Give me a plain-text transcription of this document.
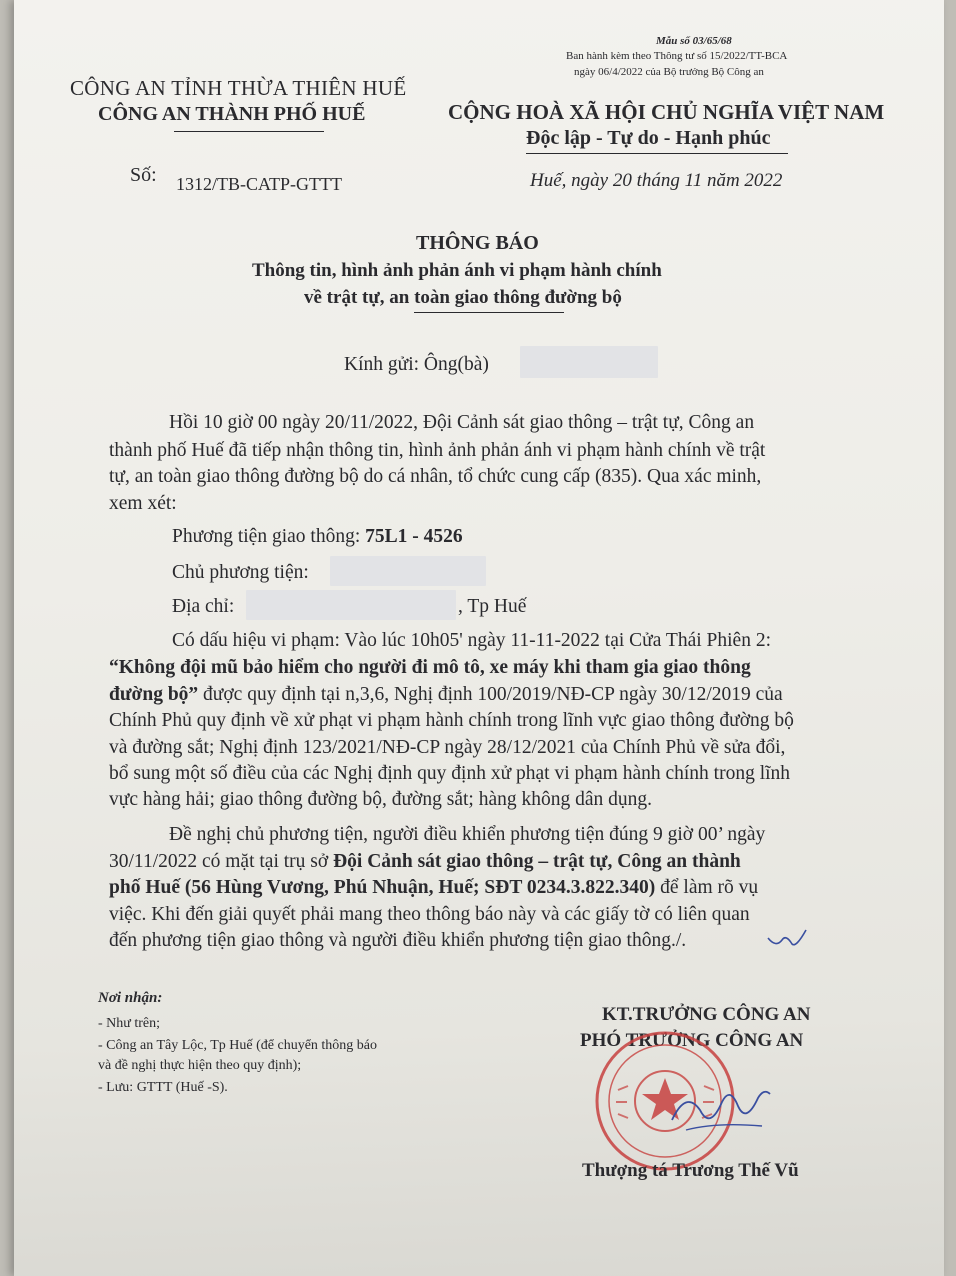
Mẫu số 03/65/68
Ban hành kèm theo Thông tư số 15/2022/TT-BCA
ngày 06/4/2022 của Bộ trưởng Bộ Công an
CÔNG AN TỈNH THỪA THIÊN HUẾ
CÔNG AN THÀNH PHỐ HUẾ
Số: 1312/TB-CATP-GTTT
CỘNG HOÀ XÃ HỘI CHỦ NGHĨA VIỆT NAM
Độc lập - Tự do - Hạnh phúc
Huế, ngày 20 tháng 11 năm 2022
THÔNG BÁO
Thông tin, hình ảnh phản ánh vi phạm hành chính
về trật tự, an toàn giao thông đường bộ
Kính gửi: Ông(bà)
Hồi 10 giờ 00 ngày 20/11/2022, Đội Cảnh sát giao thông – trật tự, Công an
thành phố Huế đã tiếp nhận thông tin, hình ảnh phản ánh vi phạm hành chính về trật
tự, an toàn giao thông đường bộ do cá nhân, tổ chức cung cấp (835). Qua xác minh,
xem xét:
Phương tiện giao thông: 75L1 - 4526
Chủ phương tiện:
Địa chỉ:	, Tp Huế
Có dấu hiệu vi phạm: Vào lúc 10h05' ngày 11-11-2022 tại Cửa Thái Phiên 2:
“Không đội mũ bảo hiểm cho người đi mô tô, xe máy khi tham gia giao thông
đường bộ” được quy định tại n,3,6, Nghị định 100/2019/NĐ-CP ngày 30/12/2019 của
Chính Phủ quy định về xử phạt vi phạm hành chính trong lĩnh vực giao thông đường bộ
và đường sắt; Nghị định 123/2021/NĐ-CP ngày 28/12/2021 của Chính Phủ về sửa đổi,
bổ sung một số điều của các Nghị định quy định xử phạt vi phạm hành chính trong lĩnh
vực hàng hải; giao thông đường bộ, đường sắt; hàng không dân dụng.
Đề nghị chủ phương tiện, người điều khiển phương tiện đúng 9 giờ 00’ ngày
30/11/2022 có mặt tại trụ sở Đội Cảnh sát giao thông – trật tự, Công an thành
phố Huế (56 Hùng Vương, Phú Nhuận, Huế; SĐT 0234.3.822.340) để làm rõ vụ
việc. Khi đến giải quyết phải mang theo thông báo này và các giấy tờ có liên quan
đến phương tiện giao thông và người điều khiển phương tiện giao thông./.
Nơi nhận:
- Như trên;
- Công an Tây Lộc, Tp Huế (để chuyển thông báo
và đề nghị thực hiện theo quy định);
- Lưu: GTTT (Huế -S).
KT.TRƯỞNG CÔNG AN
PHÓ TRƯỞNG CÔNG AN
Thượng tá Trương Thế Vũ
